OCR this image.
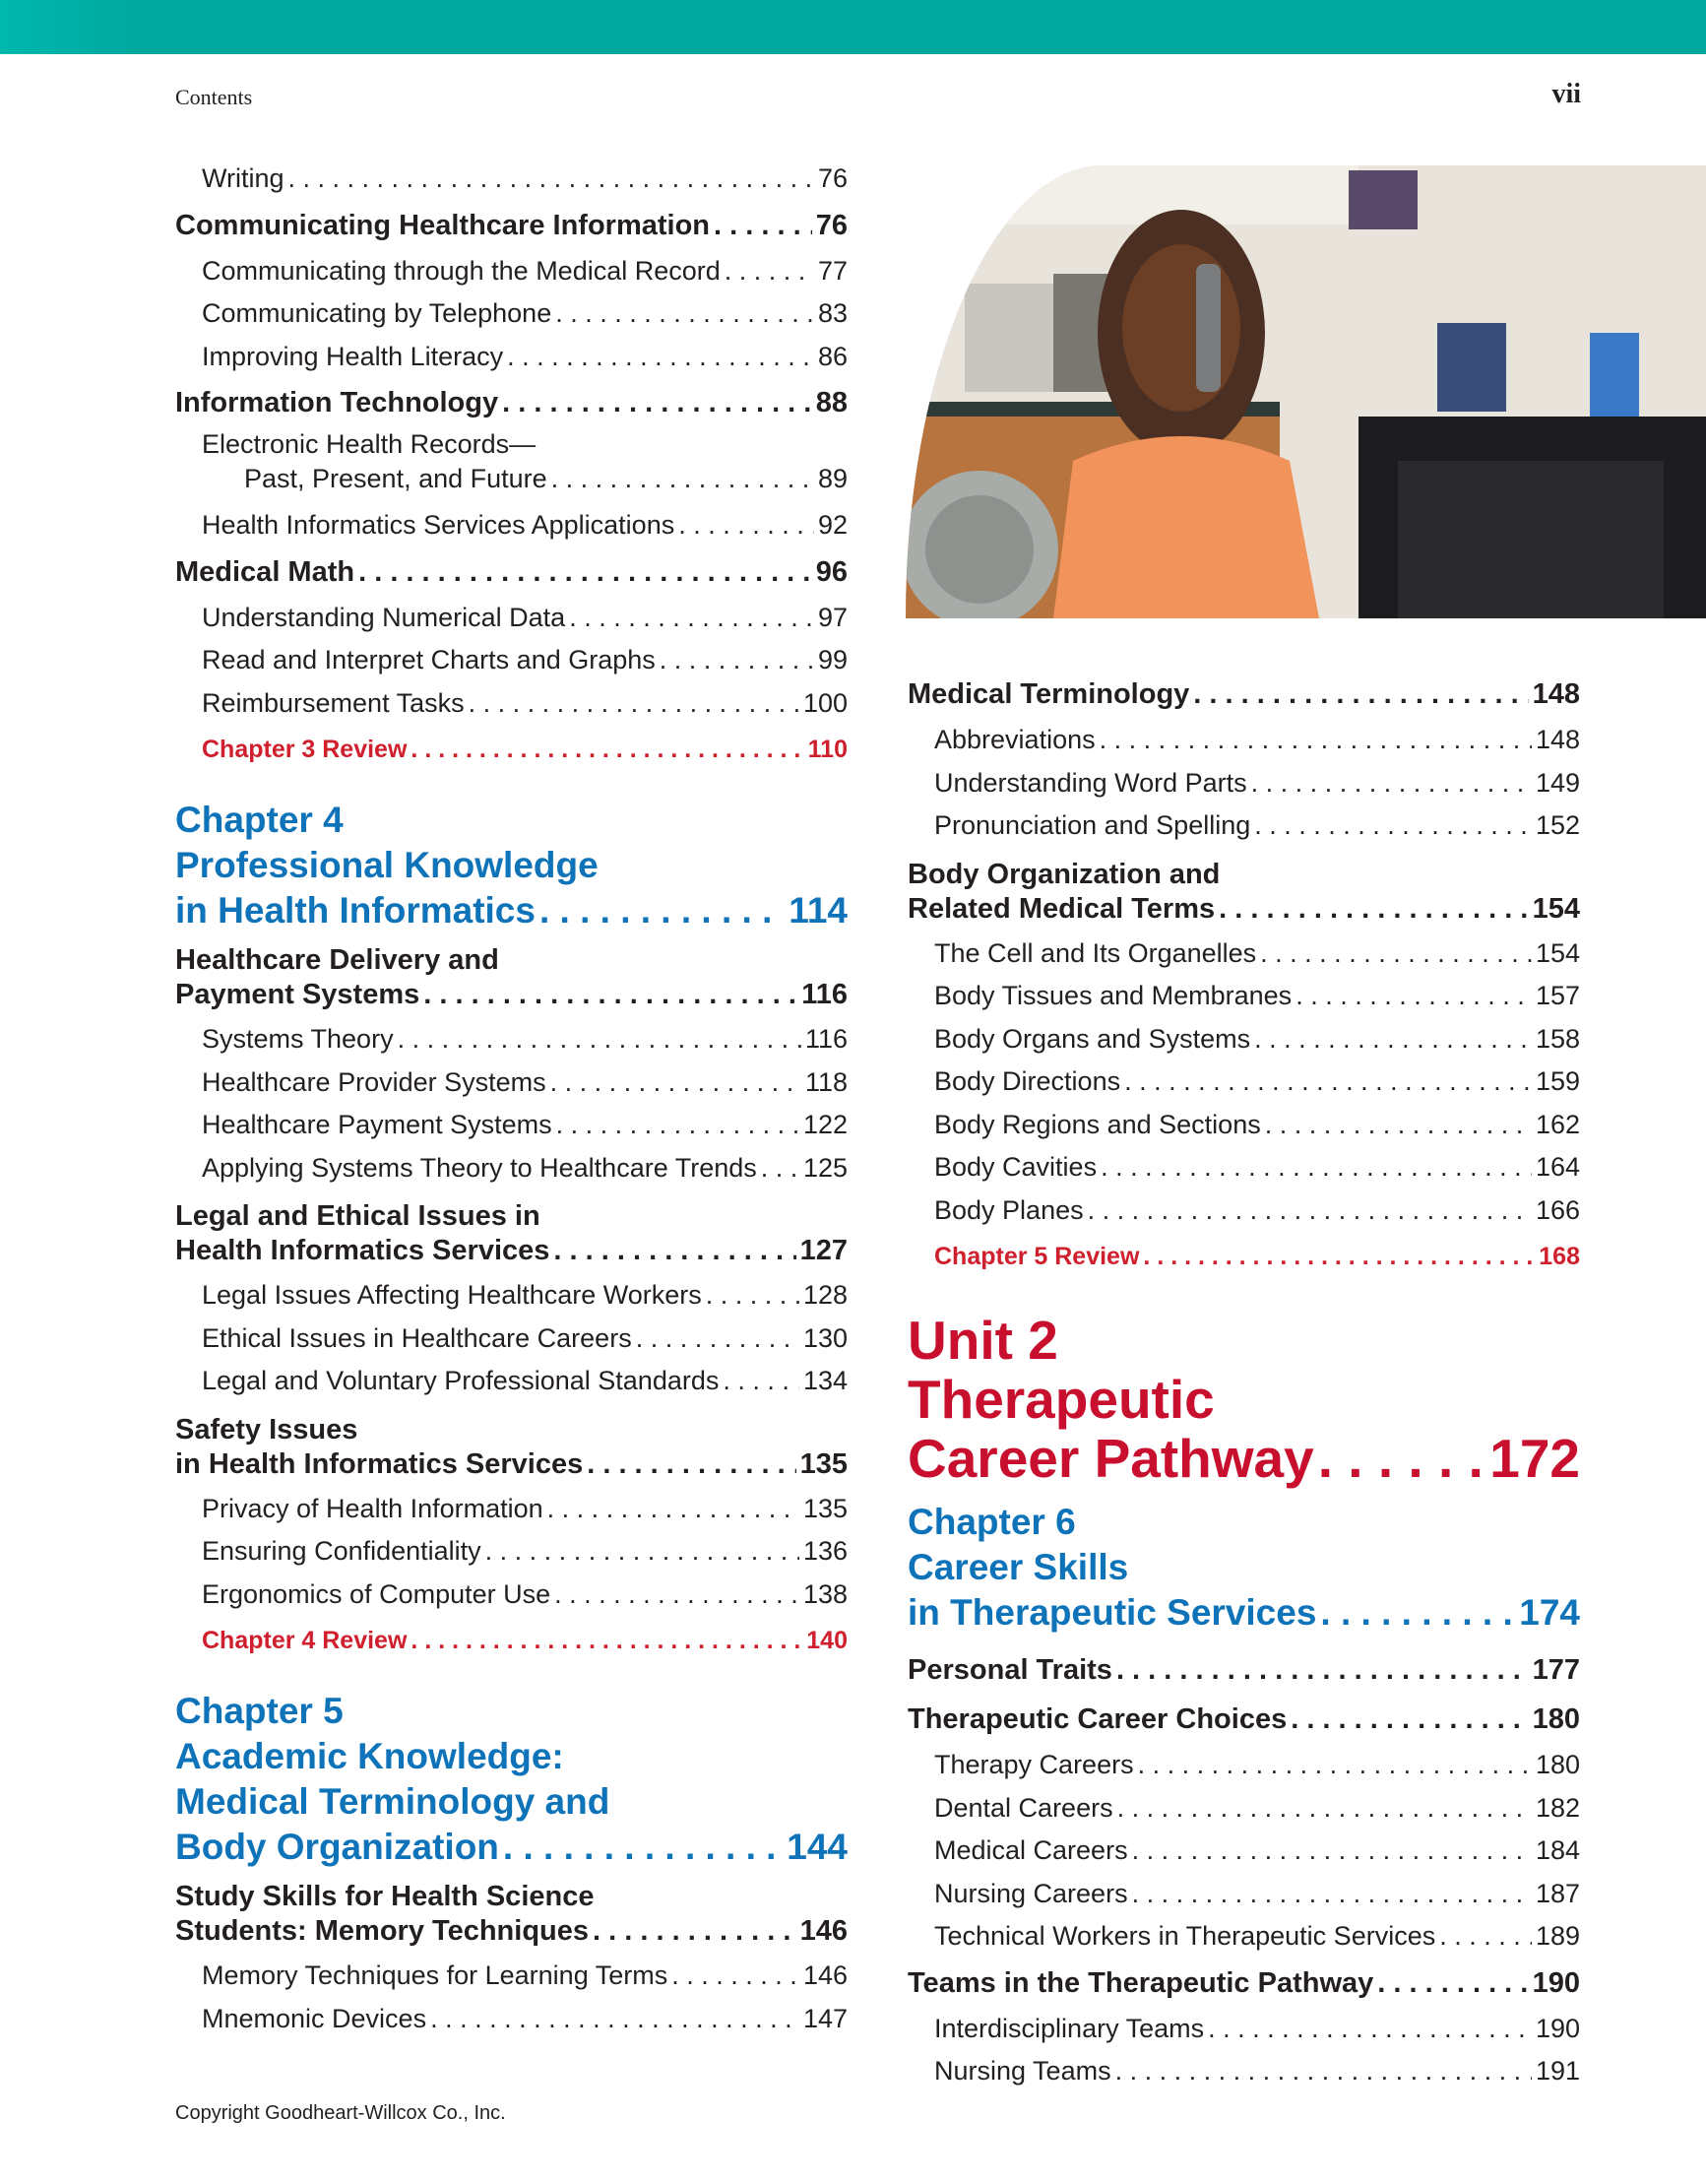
Contents	vii
Writing . . .	76
Communicating Healthcare Information . . .	76
Communicating through the Medical Record . . .	77
Communicating by Telephone . . .	83
Improving Health Literacy . . .	86
Information Technology . . .	88
Electronic Health Records—
Past, Present, and Future . . .	89
Health Informatics Services Applications . . .	92
Medical Math . . .	96
Understanding Numerical Data . . .	97
Read and Interpret Charts and Graphs . . .	99
Reimbursement Tasks . . .	100
Chapter 3 Review . . .	110
Chapter 4
Professional Knowledge
in Health Informatics . . .	114
Healthcare Delivery and
Payment Systems . . .	116
Systems Theory . . .	116
Healthcare Provider Systems . . .	118
Healthcare Payment Systems . . .	122
Applying Systems Theory to Healthcare Trends . . . 125
Legal and Ethical Issues in
Health Informatics Services . . .	127
Legal Issues Affecting Healthcare Workers . . .	128
Ethical Issues in Healthcare Careers . . .	130
Legal and Voluntary Professional Standards . . .	134
Safety Issues
in Health Informatics Services . . .	135
Privacy of Health Information . . .	135
Ensuring Confidentiality . . .	136
Ergonomics of Computer Use . . .	138
Chapter 4 Review . . .	140
Chapter 5
Academic Knowledge:
Medical Terminology and
Body Organization . . .	144
Study Skills for Health Science
Students: Memory Techniques . . .	146
Memory Techniques for Learning Terms . . .	146
Mnemonic Devices . . .	147
Medical Terminology . . .	148
Abbreviations . . .	148
Understanding Word Parts . . .	149
Pronunciation and Spelling . . .	152
Body Organization and
Related Medical Terms . . .	154
The Cell and Its Organelles . . .	154
Body Tissues and Membranes . . .	157
Body Organs and Systems . . .	158
Body Directions . . .	159
Body Regions and Sections . . .	162
Body Cavities . . .	164
Body Planes . . .	166
Chapter 5 Review . . .	168
Unit 2
Therapeutic
Career Pathway . . .	172
Chapter 6
Career Skills
in Therapeutic Services . . .	174
Personal Traits . . .	177
Therapeutic Career Choices . . .	180
Therapy Careers . . .	180
Dental Careers . . .	182
Medical Careers . . .	184
Nursing Careers . . .	187
Technical Workers in Therapeutic Services . . .	189
Teams in the Therapeutic Pathway . . .	190
Interdisciplinary Teams . . .	190
Nursing Teams . . .	191
Copyright Goodheart-Willcox Co., Inc.
